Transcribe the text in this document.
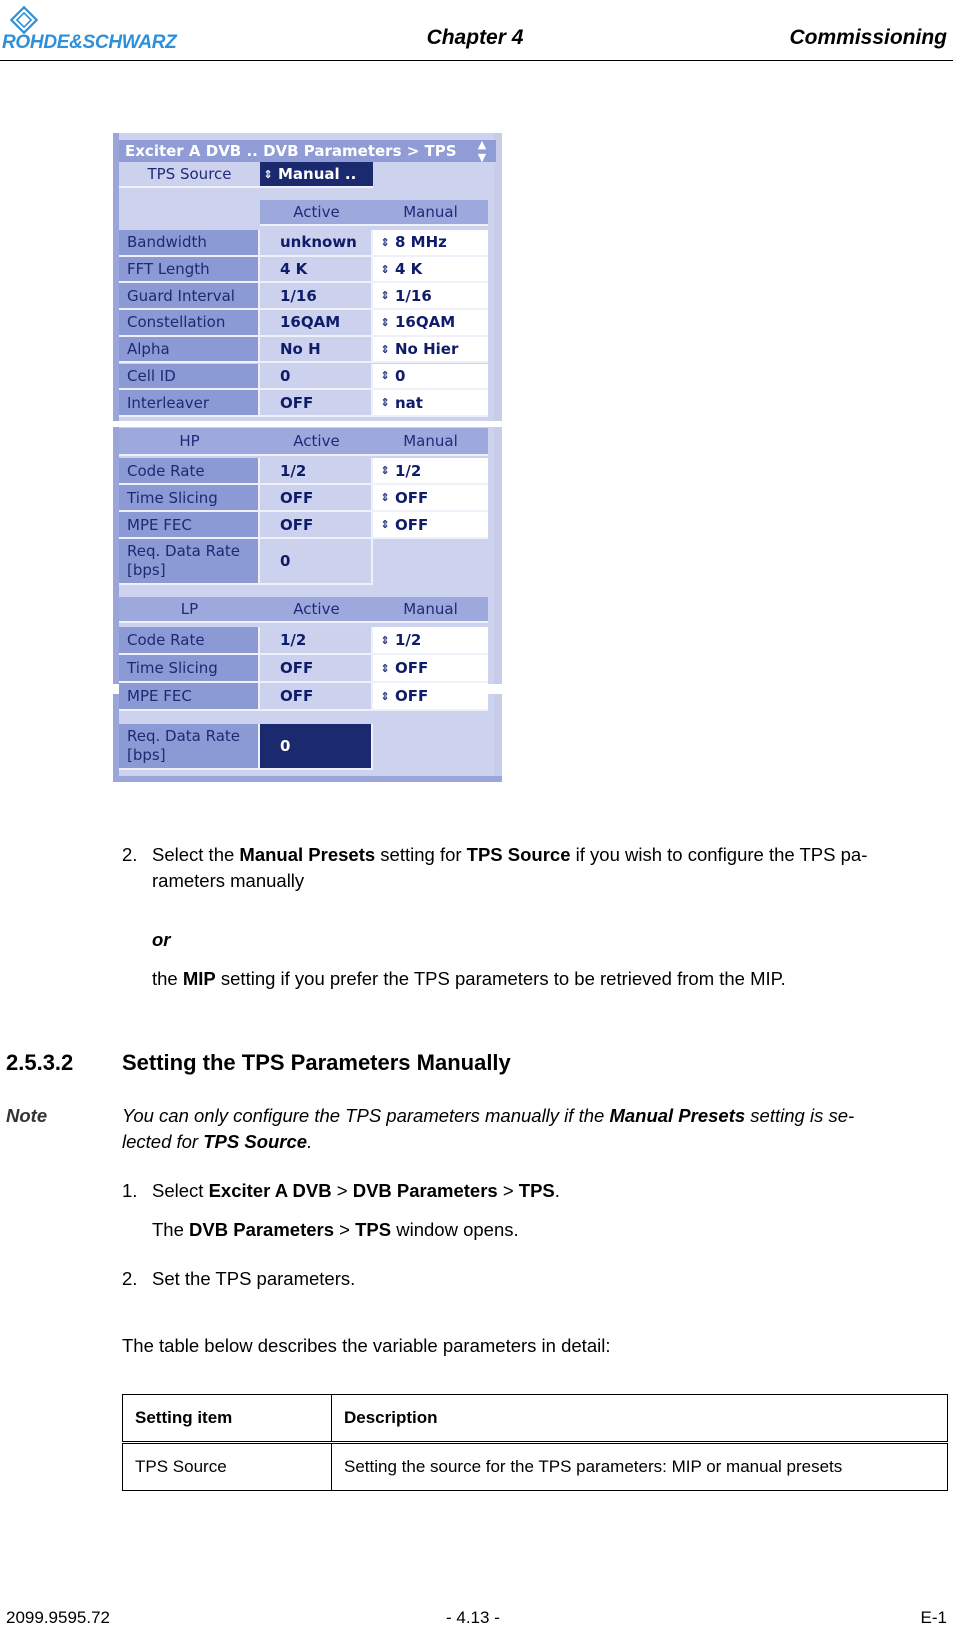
ROHDE&SCHWARZ	Chapter 4	Commissioning
Exciter A DVB .. DVB Parameters > TPS	▲
▼
TPS Source	⇕ Manual ..
Active	Manual
Bandwidth	unknown	⇕ 8 MHz
FFT Length	4 K	⇕ 4 K
Guard Interval	1/16	⇕ 1/16
Constellation	16QAM	⇕ 16QAM
Alpha	No H	⇕ No Hier
Cell ID	0	⇕ 0
Interleaver	OFF	⇕ nat
HP	Active	Manual
Code Rate	1/2	⇕ 1/2
Time Slicing	OFF	⇕ OFF
MPE FEC	OFF	⇕ OFF
Req. Data Rate
[bps]	0
LP	Active	Manual
Code Rate	1/2	⇕ 1/2
Time Slicing	OFF	⇕ OFF
MPE FEC	OFF	⇕ OFF
Req. Data Rate
[bps]	0
2. Select the Manual Presets setting for TPS Source if you wish to configure the TPS pa-
rameters manually
or
the MIP setting if you prefer the TPS parameters to be retrieved from the MIP.
2.5.3.2 Setting the TPS Parameters Manually
Note	You can only configure the TPS parameters manually if the Manual Presets setting is se-
lected for TPS Source.
1. Select Exciter A DVB > DVB Parameters > TPS.
The DVB Parameters > TPS window opens.
2. Set the TPS parameters.
The table below describes the variable parameters in detail:
Setting item	Description
TPS Source	Setting the source for the TPS parameters: MIP or manual presets
2099.9595.72	- 4.13 -	E-1
